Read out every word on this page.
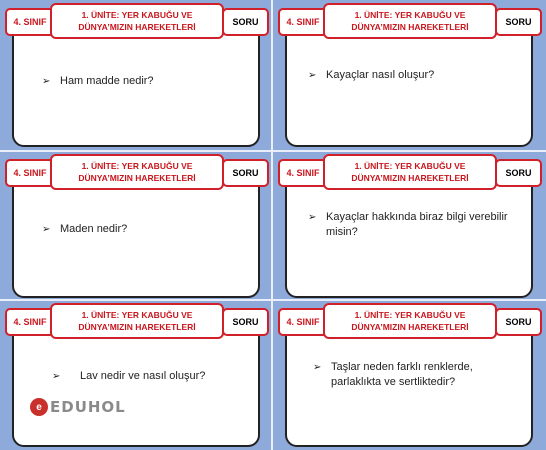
4. SINIF
1. ÜNİTE: YER KABUĞU VE
DÜNYA’MIZIN HAREKETLERİ	SORU
➢ Ham madde nedir?

4. SINIF
1. ÜNİTE: YER KABUĞU VE
DÜNYA’MIZIN HAREKETLERİ	SORU
➢ Kayaçlar nasıl oluşur?

4. SINIF
1. ÜNİTE: YER KABUĞU VE
DÜNYA’MIZIN HAREKETLERİ	SORU
➢ Maden nedir?

4. SINIF
1. ÜNİTE: YER KABUĞU VE
DÜNYA’MIZIN HAREKETLERİ	SORU
➢ Kayaçlar hakkında biraz bilgi verebilir
misin?
4. SINIF
1. ÜNİTE: YER KABUĞU VE
DÜNYA’MIZIN HAREKETLERİ	SORU
➢	Lav nedir ve nasıl oluşur?

4. SINIF
1. ÜNİTE: YER KABUĞU VE
DÜNYA’MIZIN HAREKETLERİ	SORU
➢ Taşlar neden farklı renklerde,
parlaklıkta ve sertliktedir?
e EDUHOL
